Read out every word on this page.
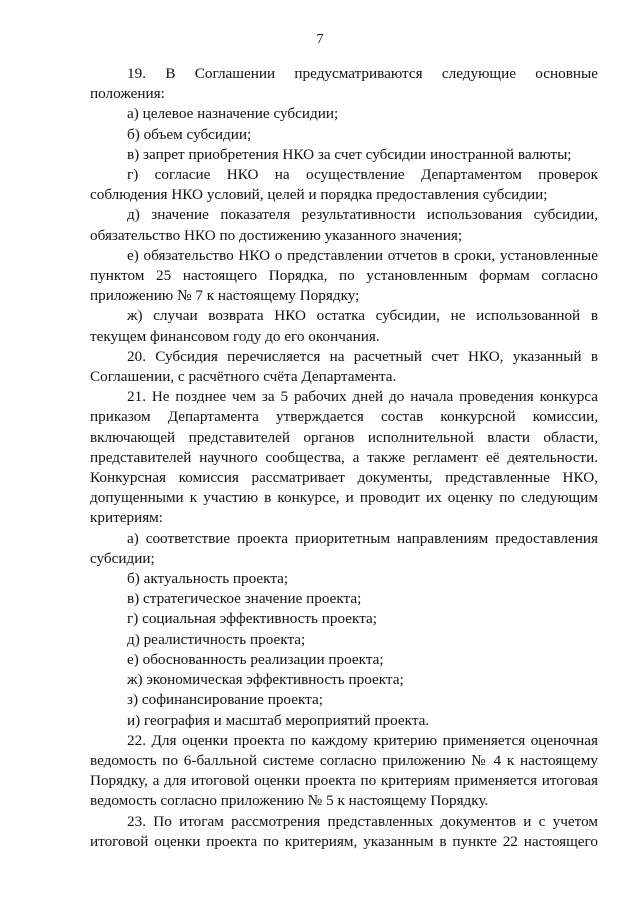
7

19. В Соглашении предусматриваются следующие основные положения:

а) целевое назначение субсидии;

б) объем субсидии;

в) запрет приобретения НКО за счет субсидии иностранной валюты;

г) согласие НКО на осуществление Департаментом проверок соблюдения НКО условий, целей и порядка предоставления субсидии;

д) значение показателя результативности использования субсидии, обязательство НКО по достижению указанного значения;

е) обязательство НКО о представлении отчетов в сроки, установленные пунктом 25 настоящего Порядка, по установленным формам согласно приложению № 7 к настоящему Порядку;

ж) случаи возврата НКО остатка субсидии, не использованной в текущем финансовом году до его окончания.

20. Субсидия перечисляется на расчетный счет НКО, указанный в Соглашении, с расчётного счёта Департамента.

21. Не позднее чем за 5 рабочих дней до начала проведения конкурса приказом Департамента утверждается состав конкурсной комиссии, включающей представителей органов исполнительной власти области, представителей научного сообщества, а также регламент её деятельности. Конкурсная комиссия рассматривает документы, представленные НКО, допущенными к участию в конкурсе, и проводит их оценку по следующим критериям:

а) соответствие проекта приоритетным направлениям предоставления субсидии;

б) актуальность проекта;

в) стратегическое значение проекта;

г) социальная эффективность проекта;

д) реалистичность проекта;

е) обоснованность реализации проекта;

ж) экономическая эффективность проекта;

з) софинансирование проекта;

и) география и масштаб мероприятий проекта.

22. Для оценки проекта по каждому критерию применяется оценочная ведомость по 6-балльной системе согласно приложению № 4 к настоящему Порядку, а для итоговой оценки проекта по критериям применяется итоговая ведомость согласно приложению № 5 к настоящему Порядку.

23. По итогам рассмотрения представленных документов и с учетом итоговой оценки проекта по критериям, указанным в пункте 22 настоящего
